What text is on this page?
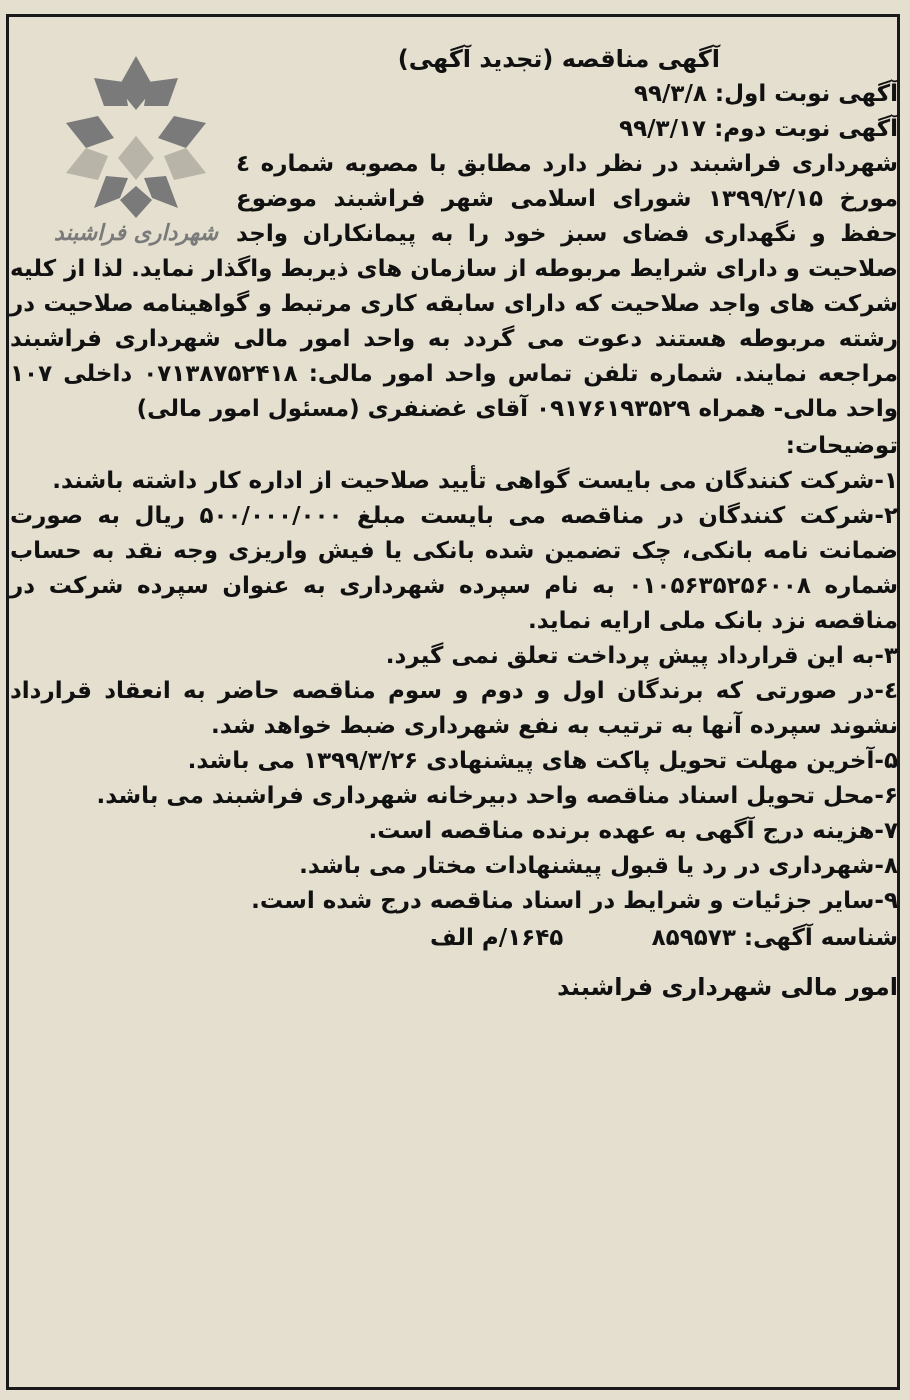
شهرداری فراشبند
آگهی مناقصه (تجدید آگهی)
آگهی نوبت اول: ۹۹/۳/۸
آگهی نوبت دوم: ۹۹/۳/۱۷

شهرداری فراشبند در نظر دارد مطابق با مصوبه شماره ٤ مورخ ۱۳۹۹/۲/۱۵ شورای اسلامی شهر فراشبند موضوع حفظ و نگهداری فضای سبز خود را به پیمانکاران واجد صلاحیت و دارای شرایط مربوطه از سازمان های ذیربط واگذار نماید. لذا از کلیه شرکت های واجد صلاحیت که دارای سابقه کاری مرتبط و گواهینامه صلاحیت در رشته مربوطه هستند دعوت می گردد به واحد امور مالی شهرداری فراشبند مراجعه نمایند. شماره تلفن تماس واحد امور مالی: ۰۷۱۳۸۷۵۲۴۱۸ داخلی ۱۰۷ واحد مالی- همراه ۰۹۱۷۶۱۹۳۵۲۹ آقای غضنفری (مسئول امور مالی)

توضیحات:

۱-شرکت کنندگان می بایست گواهی تأیید صلاحیت از اداره کار داشته باشند.

۲-شرکت کنندگان در مناقصه می بایست مبلغ ۵۰۰/۰۰۰/۰۰۰ ریال به صورت ضمانت نامه بانکی، چک تضمین شده بانکی یا فیش واریزی وجه نقد به حساب شماره ۰۱۰۵۶۳۵۲۵۶۰۰۸ به نام سپرده شهرداری به عنوان سپرده شرکت در مناقصه نزد بانک ملی ارایه نماید.

۳-به این قرارداد پیش پرداخت تعلق نمی گیرد.

٤-در صورتی که برندگان اول و دوم و سوم مناقصه حاضر به انعقاد قرارداد نشوند سپرده آنها به ترتیب به نفع شهرداری ضبط خواهد شد.

۵-آخرین مهلت تحویل پاکت های پیشنهادی ۱۳۹۹/۳/۲۶ می باشد.

۶-محل تحویل اسناد مناقصه واحد دبیرخانه شهرداری فراشبند می باشد.

۷-هزینه درج آگهی به عهده برنده مناقصه است.

۸-شهرداری در رد یا قبول پیشنهادات مختار می باشد.

۹-سایر جزئیات و شرایط در اسناد مناقصه درج شده است.

شناسه آگهی: ۸۵۹۵۷۳
۱۶۴۵/م الف
امور مالی شهرداری فراشبند
